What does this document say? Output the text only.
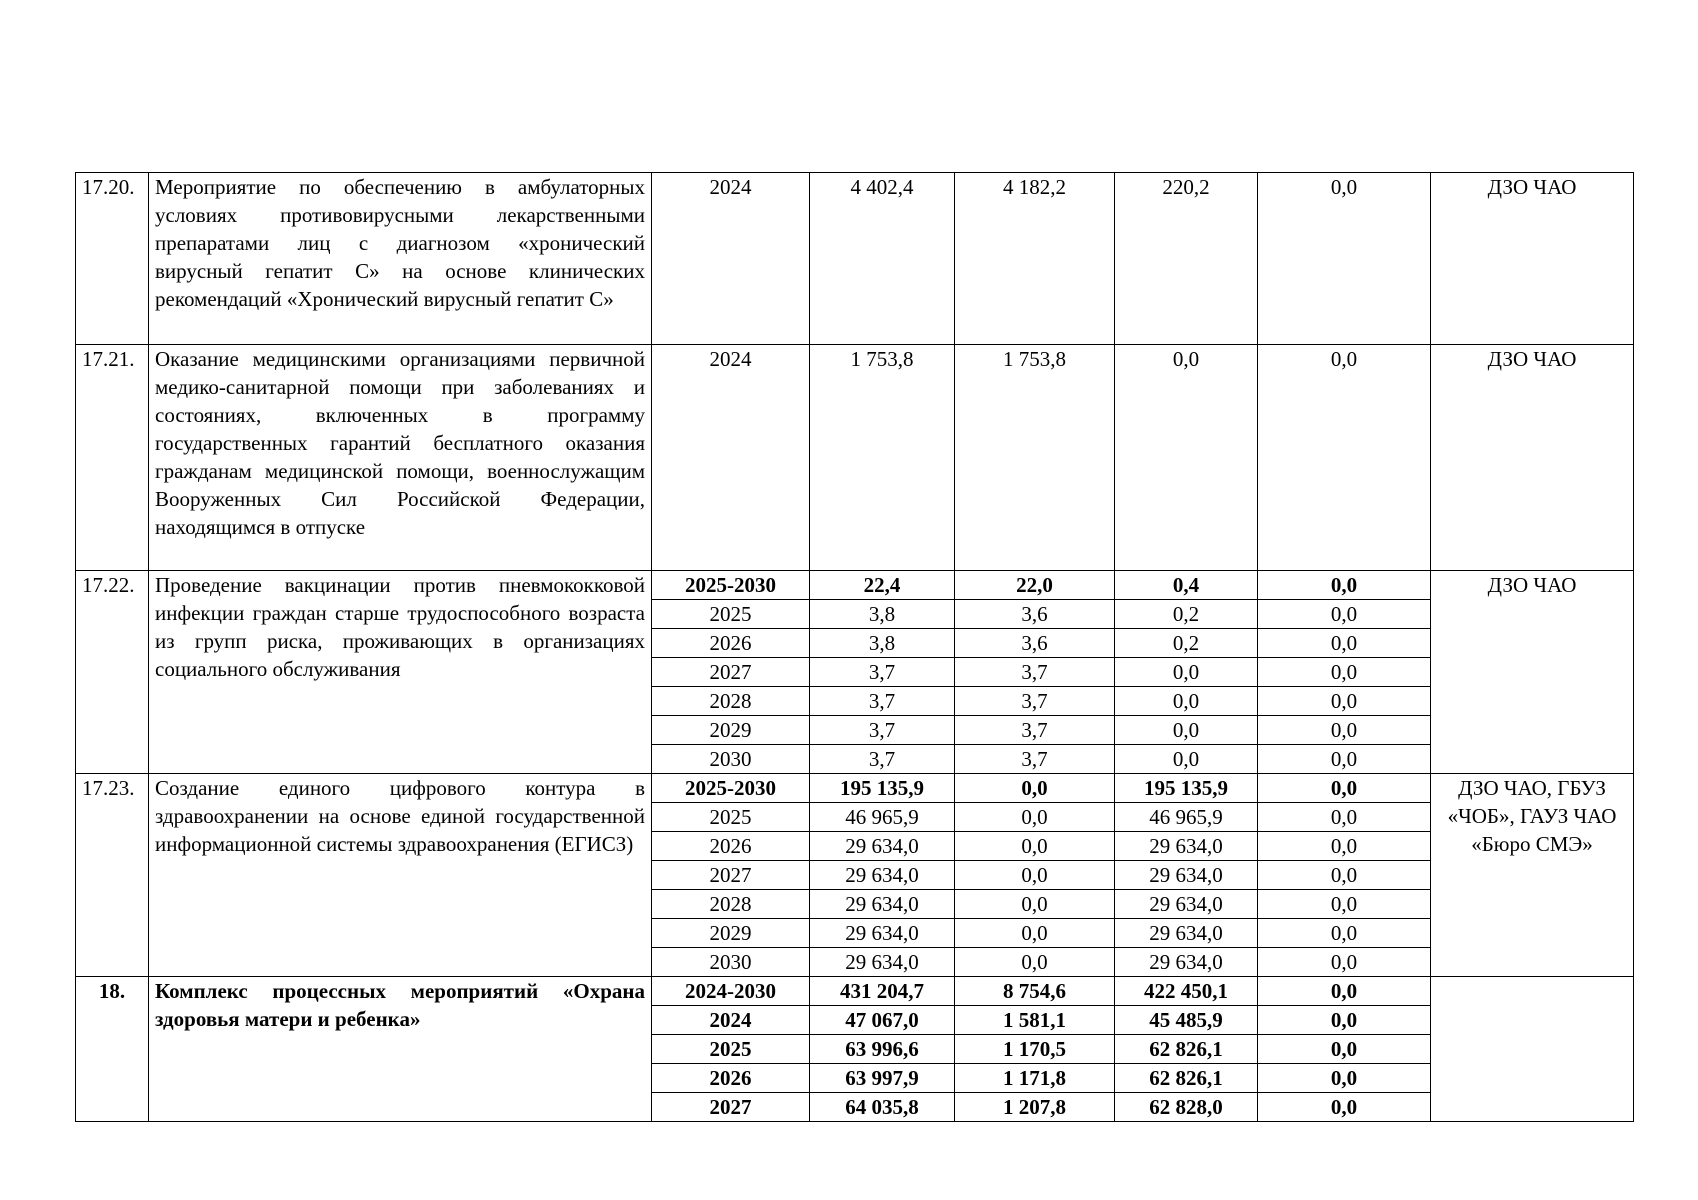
17.20.	Мероприятие по обеспечению в амбулаторных условиях противовирусными лекарственными препаратами лиц с диагнозом «хронический вирусный гепатит С» на основе клинических рекомендаций «Хронический вирусный гепатит С»	2024	4 402,4	4 182,2	220,2	0,0	ДЗО ЧАО
17.21.	Оказание медицинскими организациями первичной медико-санитарной помощи при заболеваниях и состояниях, включенных в программу государственных гарантий бесплатного оказания гражданам медицинской помощи, военнослужащим Вооруженных Сил Российской Федерации, находящимся в отпуске	2024	1 753,8	1 753,8	0,0	0,0	ДЗО ЧАО
17.22.	Проведение вакцинации против пневмококковой инфекции граждан старше трудоспособного возраста из групп риска, проживающих в организациях социального обслуживания	2025-2030	22,4	22,0	0,4	0,0	ДЗО ЧАО
		2025	3,8	3,6	0,2	0,0	
		2026	3,8	3,6	0,2	0,0	
		2027	3,7	3,7	0,0	0,0	
		2028	3,7	3,7	0,0	0,0	
		2029	3,7	3,7	0,0	0,0	
		2030	3,7	3,7	0,0	0,0	
17.23.	Создание единого цифрового контура в здравоохранении на основе единой государственной информационной системы здравоохранения (ЕГИСЗ)	2025-2030	195 135,9	0,0	195 135,9	0,0	ДЗО ЧАО, ГБУЗ «ЧОБ», ГАУЗ ЧАО «Бюро СМЭ»
		2025	46 965,9	0,0	46 965,9	0,0	
		2026	29 634,0	0,0	29 634,0	0,0	
		2027	29 634,0	0,0	29 634,0	0,0	
		2028	29 634,0	0,0	29 634,0	0,0	
		2029	29 634,0	0,0	29 634,0	0,0	
		2030	29 634,0	0,0	29 634,0	0,0	
18.	Комплекс процессных мероприятий «Охрана здоровья матери и ребенка»	2024-2030	431 204,7	8 754,6	422 450,1	0,0	
		2024	47 067,0	1 581,1	45 485,9	0,0	
		2025	63 996,6	1 170,5	62 826,1	0,0	
		2026	63 997,9	1 171,8	62 826,1	0,0	
		2027	64 035,8	1 207,8	62 828,0	0,0	
